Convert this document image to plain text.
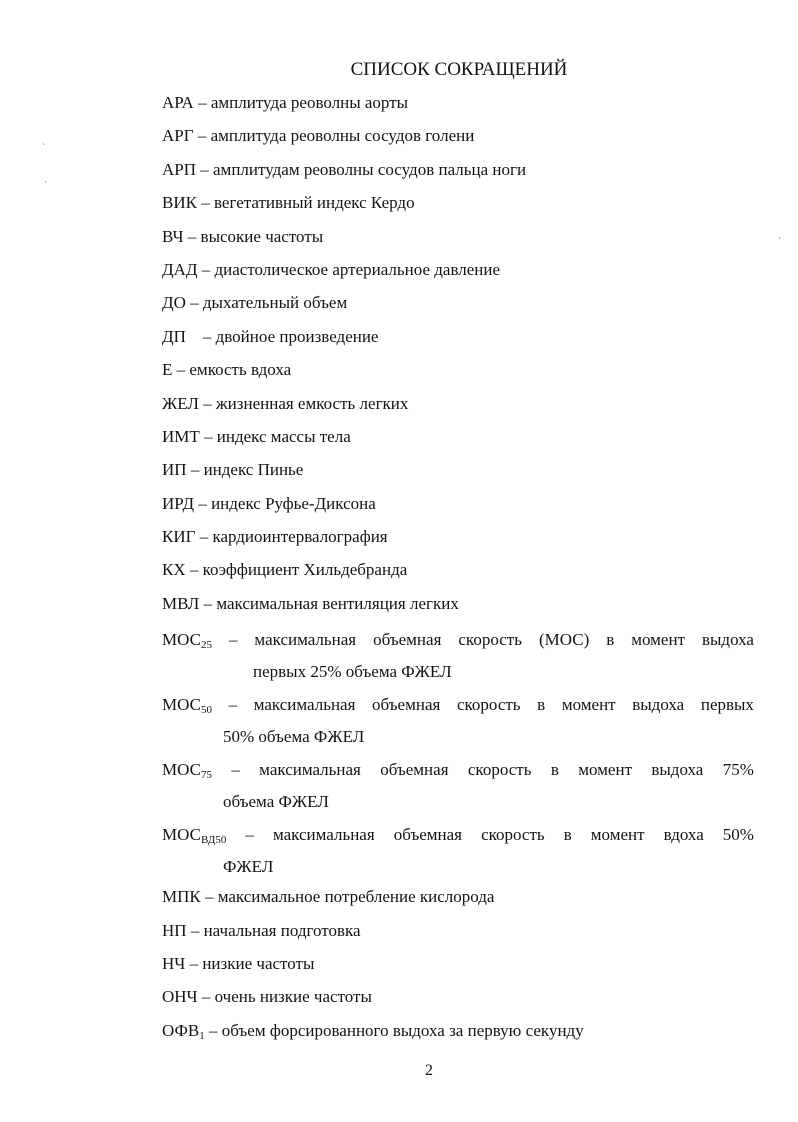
ˎ
·
·
СПИСОК СОКРАЩЕНИЙ
АРА – амплитуда реоволны аорты
АРГ – амплитуда реоволны сосудов голени
АРП – амплитудам реоволны сосудов пальца ноги
ВИК – вегетативный индекс Кердо
ВЧ – высокие частоты
ДАД – диастолическое артериальное давление
ДО – дыхательный объем
ДП    – двойное произведение
Е – емкость вдоха
ЖЕЛ – жизненная емкость легких
ИМТ – индекс массы тела
ИП – индекс Пинье
ИРД – индекс Руфье-Диксона
КИГ – кардиоинтервалография
КХ – коэффициент Хильдебранда
МВЛ – максимальная вентиляция легких
$МОС_{25}$ – максимальная объемная скорость (МОС) в момент выдоха
первых 25% объема ФЖЕЛ
$МОС_{50}$ – максимальная объемная скорость в момент выдоха первых
50% объема ФЖЕЛ
$МОС_{75}$ – максимальная объемная скорость в момент выдоха 75%
объема ФЖЕЛ
$МОС_{ВД50}$ – максимальная объемная скорость в момент вдоха 50%
ФЖЕЛ
МПК – максимальное потребление кислорода
НП – начальная подготовка
НЧ – низкие частоты
ОНЧ – очень низкие частоты
$ОФВ_1$ – объем форсированного выдоха за первую секунду
2
